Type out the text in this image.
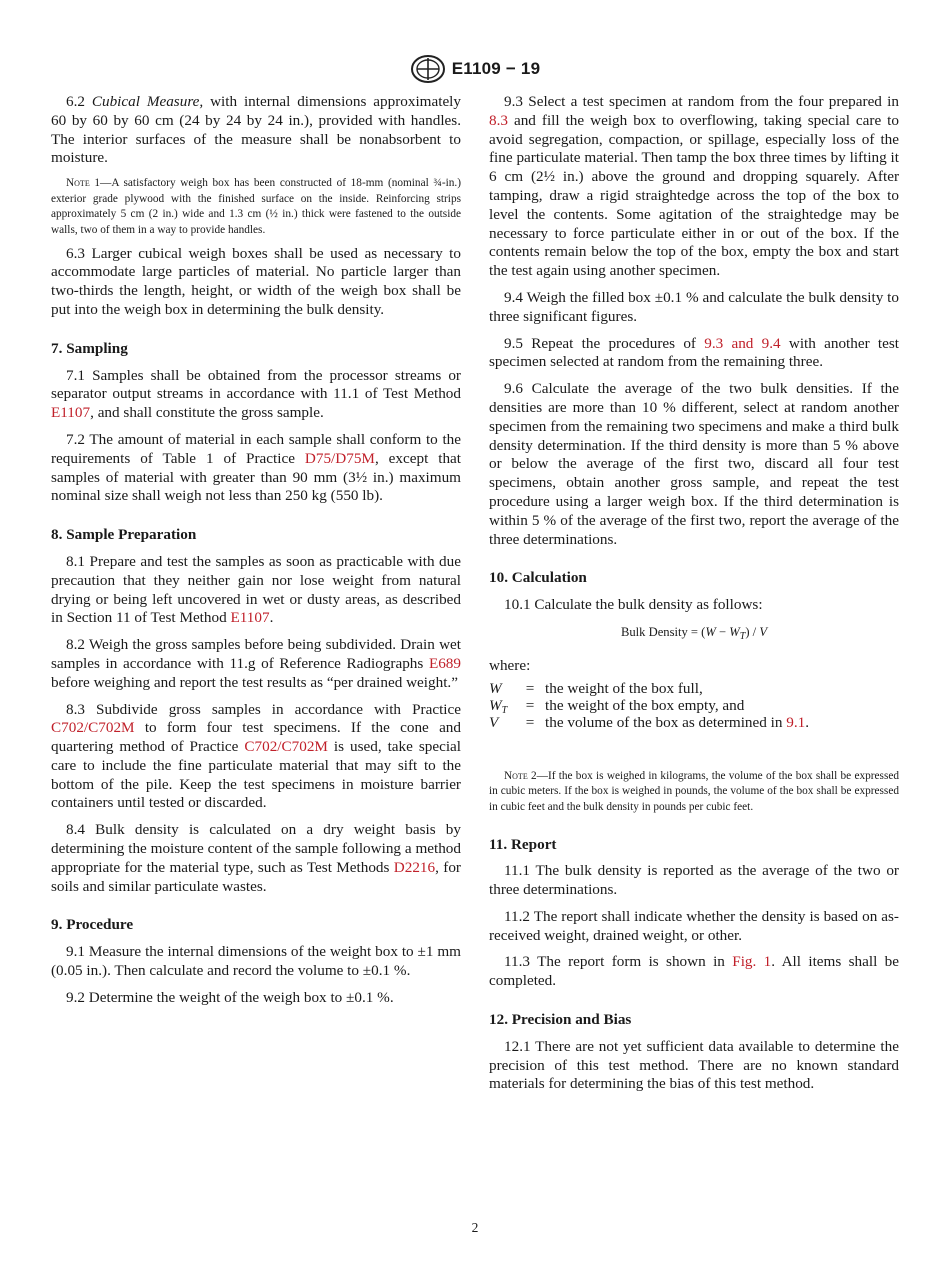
E1109 − 19

6.2 Cubical Measure, with internal dimensions approximately 60 by 60 by 60 cm (24 by 24 by 24 in.), provided with handles. The interior surfaces of the measure shall be nonabsorbent to moisture.

Note 1—A satisfactory weigh box has been constructed of 18-mm (nominal ¾-in.) exterior grade plywood with the finished surface on the inside. Reinforcing strips approximately 5 cm (2 in.) wide and 1.3 cm (½ in.) thick were fastened to the outside walls, two of them in a way to provide handles.

6.3 Larger cubical weigh boxes shall be used as necessary to accommodate large particles of material. No particle larger than two-thirds the length, height, or width of the weigh box shall be put into the weigh box in determining the bulk density.

7. Sampling

7.1 Samples shall be obtained from the processor streams or separator output streams in accordance with 11.1 of Test Method E1107, and shall constitute the gross sample.

7.2 The amount of material in each sample shall conform to the requirements of Table 1 of Practice D75/D75M, except that samples of material with greater than 90 mm (3½ in.) maximum nominal size shall weigh not less than 250 kg (550 lb).

8. Sample Preparation

8.1 Prepare and test the samples as soon as practicable with due precaution that they neither gain nor lose weight from natural drying or being left uncovered in wet or dusty areas, as described in Section 11 of Test Method E1107.

8.2 Weigh the gross samples before being subdivided. Drain wet samples in accordance with 11.g of Reference Radiographs E689 before weighing and report the test results as “per drained weight.”

8.3 Subdivide gross samples in accordance with Practice C702/C702M to form four test specimens. If the cone and quartering method of Practice C702/C702M is used, take special care to include the fine particulate material that may sift to the bottom of the pile. Keep the test specimens in moisture barrier containers until tested or discarded.

8.4 Bulk density is calculated on a dry weight basis by determining the moisture content of the sample following a method appropriate for the material type, such as Test Methods D2216, for soils and similar particulate wastes.

9. Procedure

9.1 Measure the internal dimensions of the weight box to ±1 mm (0.05 in.). Then calculate and record the volume to ±0.1 %.

9.2 Determine the weight of the weigh box to ±0.1 %.

9.3 Select a test specimen at random from the four prepared in 8.3 and fill the weigh box to overflowing, taking special care to avoid segregation, compaction, or spillage, especially loss of the fine particulate material. Then tamp the box three times by lifting it 6 cm (2½ in.) above the ground and dropping squarely. After tamping, draw a rigid straightedge across the top of the box to level the contents. Some agitation of the straightedge may be necessary to force particulate either in or out of the box. If the contents remain below the top of the box, empty the box and start the test again using another specimen.

9.4 Weigh the filled box ±0.1 % and calculate the bulk density to three significant figures.

9.5 Repeat the procedures of 9.3 and 9.4 with another test specimen selected at random from the remaining three.

9.6 Calculate the average of the two bulk densities. If the densities are more than 10 % different, select at random another specimen from the remaining two specimens and make a third bulk density determination. If the third density is more than 5 % above or below the average of the first two, discard all four test specimens, obtain another gross sample, and repeat the test procedure using a larger weigh box. If the third determination is within 5 % of the average of the first two, report the average of the three determinations.

10. Calculation

10.1 Calculate the bulk density as follows:

Bulk Density = $(W - W_T) / V$
where:
W	= the weight of the box full,
$W_T$	= the weight of the box empty, and
V	= the volume of the box as determined in 9.1.
Note 2—If the box is weighed in kilograms, the volume of the box shall be expressed in cubic meters. If the box is weighed in pounds, the volume of the box shall be expressed in cubic feet and the bulk density in pounds per cubic feet.
11. Report

11.1 The bulk density is reported as the average of the two or three determinations.

11.2 The report shall indicate whether the density is based on as-received weight, drained weight, or other.

11.3 The report form is shown in Fig. 1. All items shall be completed.

12. Precision and Bias

12.1 There are not yet sufficient data available to determine the precision of this test method. There are no known standard materials for determining the bias of this test method.

2
